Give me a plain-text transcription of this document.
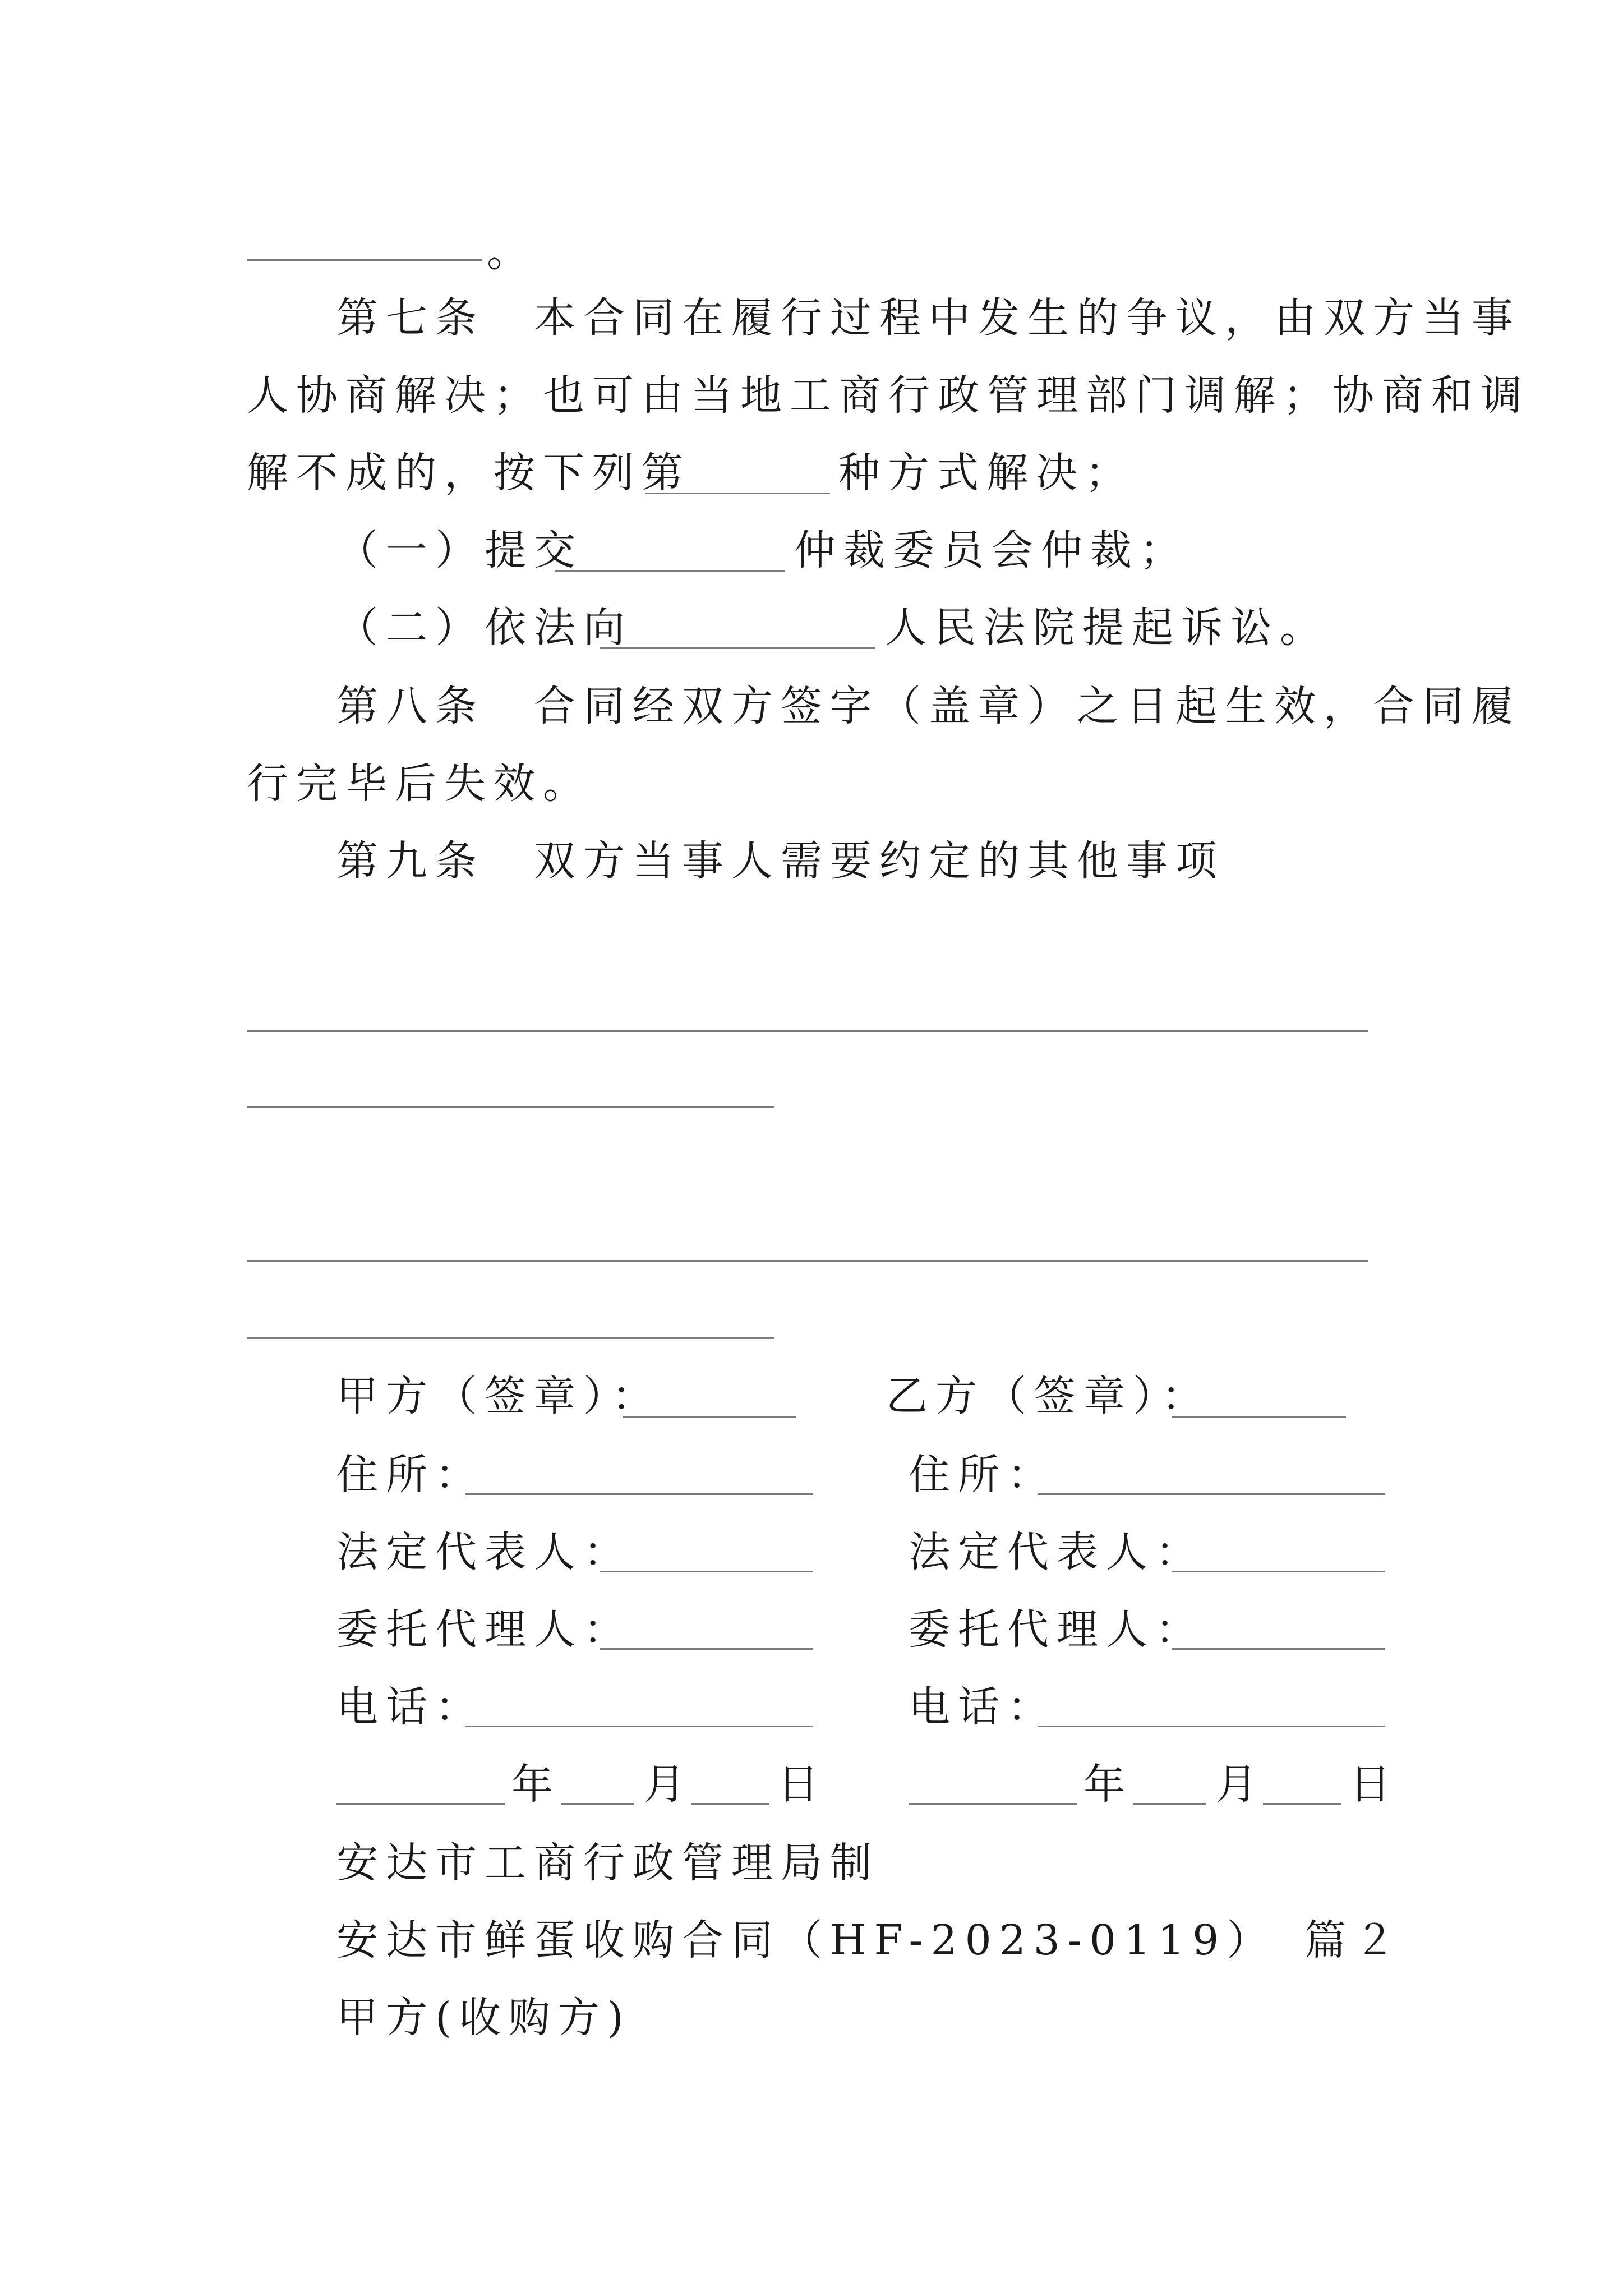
。
第七条　本合同在履行过程中发生的争议，由双方当事
人协商解决；也可由当地工商行政管理部门调解；协商和调
解不成的，按下列第	种方式解决；
（一）提交	仲裁委员会仲裁；
（二）依法向	人民法院提起诉讼。
第八条　合同经双方签字（盖章）之日起生效，合同履
行完毕后失效。
第九条　双方当事人需要约定的其他事项
甲方（签章）：	乙方（签章）：
住所：	住所：
法定代表人：	法定代表人：
委托代理人：	委托代理人：
电话：	电话：
年 月 日	年 月 日
安达市工商行政管理局制
安达市鲜蛋收购合同（HF-2023-0119）　篇２
甲方(收购方)
